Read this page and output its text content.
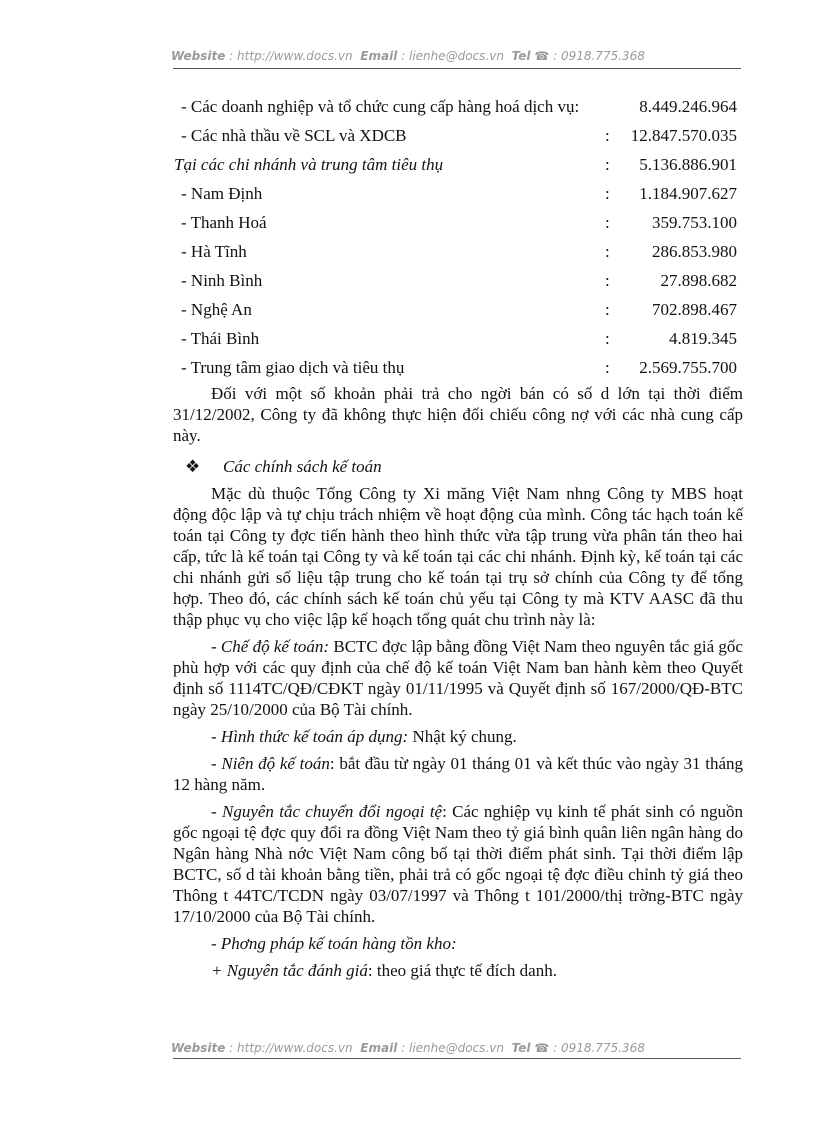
Website : http://www.docs.vn Email : lienhe@docs.vn Tel ☎ : 0918.775.368
- Các doanh nghiệp và tổ chức cung cấp hàng hoá dịch vụ:	8.449.246.964
- Các nhà thầu về SCL và XDCB	: 12.847.570.035
Tại các chi nhánh và trung tâm tiêu thụ	: 5.136.886.901
- Nam Định	: 1.184.907.627
- Thanh Hoá	: 359.753.100
- Hà Tĩnh	: 286.853.980
- Ninh Bình	:	27.898.682
- Nghệ An	: 702.898.467
- Thái Bình	:	4.819.345
- Trung tâm giao dịch và tiêu thụ	: 2.569.755.700

Đối với một số khoản phải trả cho ngời bán có số d lớn tại thời điểm 31/12/2002, Công ty đã không thực hiện đối chiếu công nợ với các nhà cung cấp này.

❖ Các chính sách kế toán

Mặc dù thuộc Tổng Công ty Xi măng Việt Nam nhng Công ty MBS hoạt động độc lập và tự chịu trách nhiệm về hoạt động của mình. Công tác hạch toán kế toán tại Công ty đợc tiến hành theo hình thức vừa tập trung vừa phân tán theo hai cấp, tức là kế toán tại Công ty và kế toán tại các chi nhánh. Định kỳ, kế toán tại các chi nhánh gửi số liệu tập trung cho kế toán tại trụ sở chính của Công ty để tổng hợp. Theo đó, các chính sách kế toán chủ yếu tại Công ty mà KTV AASC đã thu thập phục vụ cho việc lập kế hoạch tổng quát chu trình này là:

- Chế độ kế toán: BCTC đợc lập bằng đồng Việt Nam theo nguyên tắc giá gốc phù hợp với các quy định của chế độ kế toán Việt Nam ban hành kèm theo Quyết định số 1114TC/QĐ/CĐKT ngày 01/11/1995 và Quyết định số 167/2000/QĐ-BTC ngày 25/10/2000 của Bộ Tài chính.

- Hình thức kế toán áp dụng: Nhật ký chung.

- Niên độ kế toán: bắt đầu từ ngày 01 tháng 01 và kết thúc vào ngày 31 tháng 12 hàng năm.

- Nguyên tắc chuyển đổi ngoại tệ: Các nghiệp vụ kinh tế phát sinh có nguồn gốc ngoại tệ đợc quy đổi ra đồng Việt Nam theo tỷ giá bình quân liên ngân hàng do Ngân hàng Nhà nớc Việt Nam công bố tại thời điểm phát sinh. Tại thời điểm lập BCTC, số d tài khoản bằng tiền, phải trả có gốc ngoại tệ đợc điều chỉnh tỷ giá theo Thông t 44TC/TCDN ngày 03/07/1997 và Thông t 101/2000/thị trờng-BTC ngày 17/10/2000 của Bộ Tài chính.

- Phơng pháp kế toán hàng tồn kho:

+ Nguyên tắc đánh giá: theo giá thực tế đích danh.

Website : http://www.docs.vn Email : lienhe@docs.vn Tel ☎ : 0918.775.368
